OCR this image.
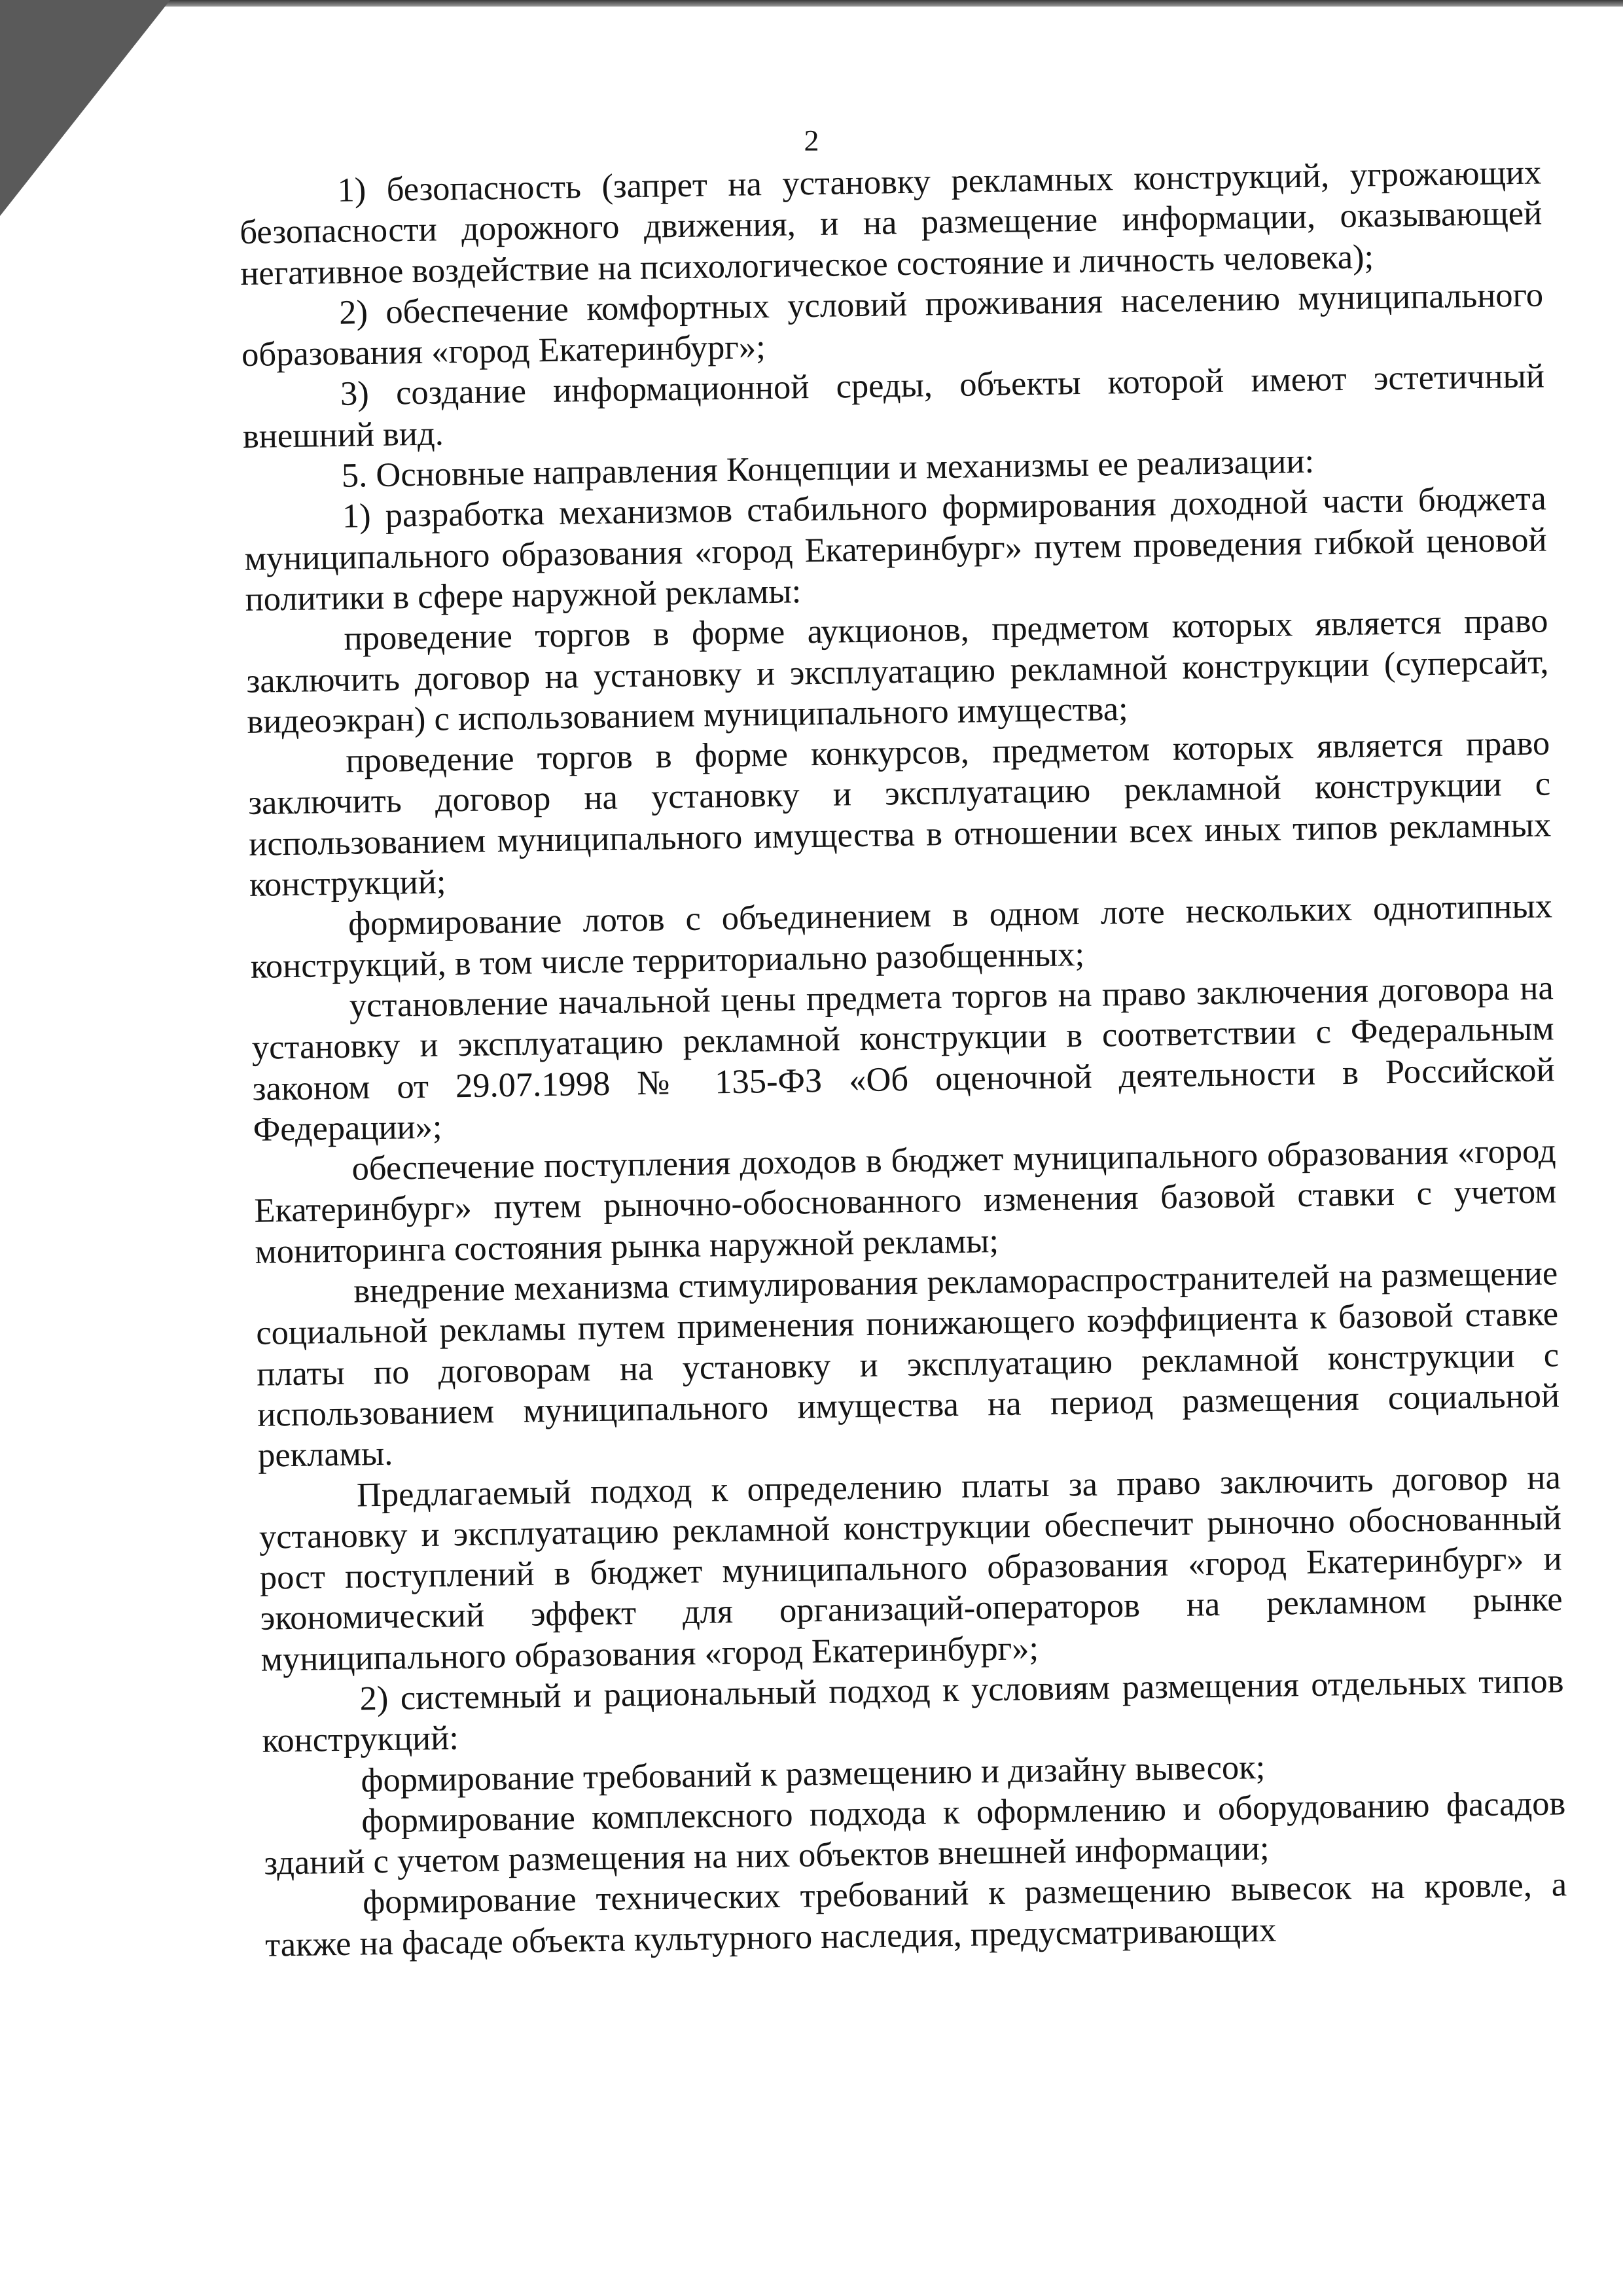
2

1) безопасность (запрет на установку рекламных конструкций, угрожающих безопасности дорожного движения, и на размещение информации, оказывающей негативное воздействие на психологическое состояние и личность человека);

2) обеспечение комфортных условий проживания населению муниципального образования «город Екатеринбург»;

3) создание информационной среды, объекты которой имеют эстетичный внешний вид.

5. Основные направления Концепции и механизмы ее реализации:

1) разработка механизмов стабильного формирования доходной части бюджета муниципального образования «город Екатеринбург» путем проведения гибкой ценовой политики в сфере наружной рекламы:

проведение торгов в форме аукционов, предметом которых является право заключить договор на установку и эксплуатацию рекламной конструкции (суперсайт, видеоэкран) с использованием муниципального имущества;

проведение торгов в форме конкурсов, предметом которых является право заключить договор на установку и эксплуатацию рекламной конструкции с использованием муниципального имущества в отношении всех иных типов рекламных конструкций;

формирование лотов с объединением в одном лоте нескольких однотипных конструкций, в том числе территориально разобщенных;

установление начальной цены предмета торгов на право заключения договора на установку и эксплуатацию рекламной конструкции в соответствии с Федеральным законом от 29.07.1998 № 135-ФЗ «Об оценочной деятельности в Российской Федерации»;

обеспечение поступления доходов в бюджет муниципального образования «город Екатеринбург» путем рыночно-обоснованного изменения базовой ставки с учетом мониторинга состояния рынка наружной рекламы;

внедрение механизма стимулирования рекламораспространителей на размещение социальной рекламы путем применения понижающего коэффициента к базовой ставке платы по договорам на установку и эксплуатацию рекламной конструкции с использованием муниципального имущества на период размещения социальной рекламы.

Предлагаемый подход к определению платы за право заключить договор на установку и эксплуатацию рекламной конструкции обеспечит рыночно обоснованный рост поступлений в бюджет муниципального образования «город Екатеринбург» и экономический эффект для организаций-операторов на рекламном рынке муниципального образования «город Екатеринбург»;

2) системный и рациональный подход к условиям размещения отдельных типов конструкций:

формирование требований к размещению и дизайну вывесок;

формирование комплексного подхода к оформлению и оборудованию фасадов зданий с учетом размещения на них объектов внешней информации;

формирование технических требований к размещению вывесок на кровле, а также на фасаде объекта культурного наследия, предусматривающих
